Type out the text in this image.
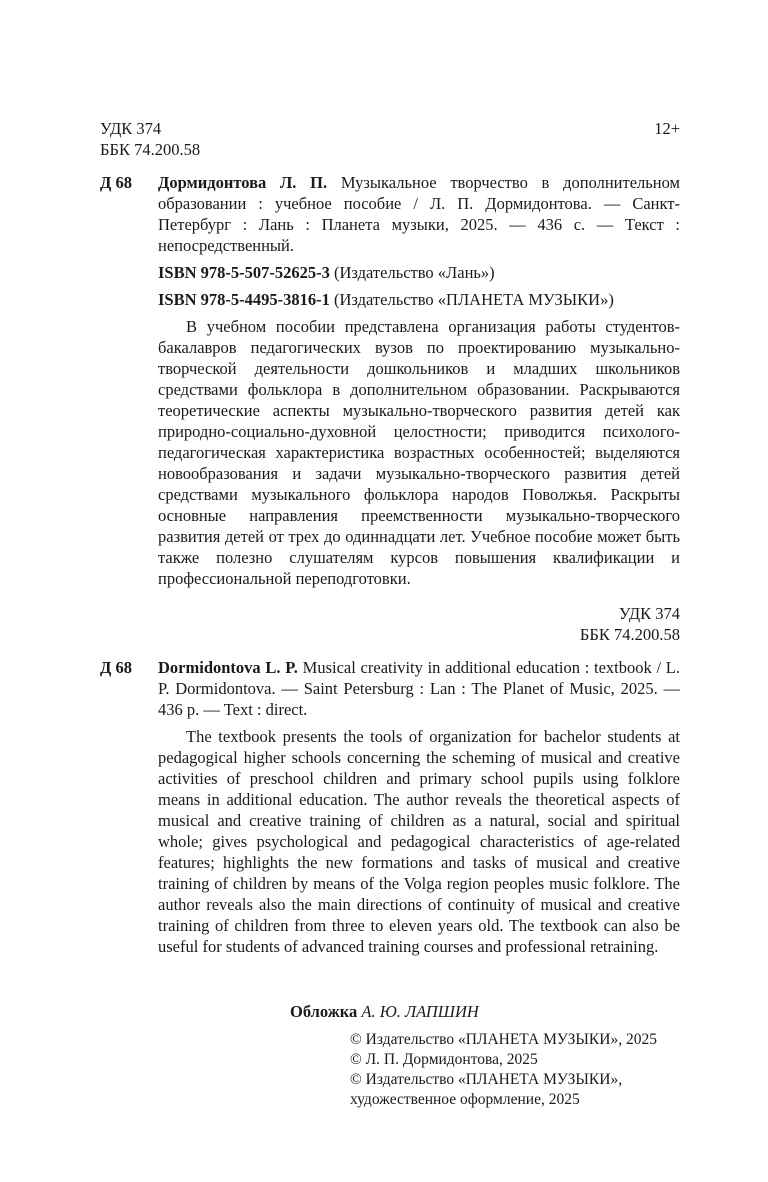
УДК 374
ББК 74.200.58
12+
Д 68	Дормидонтова Л. П. Музыкальное творчество в дополнительном образовании : учебное пособие / Л. П. Дормидонтова. — Санкт-Петербург : Лань : Планета музыки, 2025. — 436 с. — Текст : непосредственный.
ISBN 978-5-507-52625-3 (Издательство «Лань»)
ISBN 978-5-4495-3816-1 (Издательство «ПЛАНЕТА МУЗЫКИ»)
В учебном пособии представлена организация работы студентов-бакалавров педагогических вузов по проектированию музыкально-творческой деятельности дошкольников и младших школьников средствами фольклора в дополнительном образовании. Раскрываются теоретические аспекты музыкально-творческого развития детей как природно-социально-духовной целостности; приводится психолого-педагогическая характеристика возрастных особенностей; выделяются новообразования и задачи музыкально-творческого развития детей средствами музыкального фольклора народов Поволжья. Раскрыты основные направления преемственности музыкально-творческого развития детей от трех до одиннадцати лет. Учебное пособие может быть также полезно слушателям курсов повышения квалификации и профессиональной переподготовки.
УДК 374
ББК 74.200.58
Д 68	Dormidontova L. P. Musical creativity in additional education : textbook / L. P. Dormidontova. — Saint Petersburg : Lan : The Planet of Music, 2025. — 436 p. — Text : direct.
The textbook presents the tools of organization for bachelor students at pedagogical higher schools concerning the scheming of musical and creative activities of preschool children and primary school pupils using folklore means in additional education. The author reveals the theoretical aspects of musical and creative training of children as a natural, social and spiritual whole; gives psychological and pedagogical characteristics of age-related features; highlights the new formations and tasks of musical and creative training of children by means of the Volga region peoples music folklore. The author reveals also the main directions of continuity of musical and creative training of children from three to eleven years old. The textbook can also be useful for students of advanced training courses and professional retraining.
Обложка А. Ю. ЛАПШИН
© Издательство «ПЛАНЕТА МУЗЫКИ», 2025
© Л. П. Дормидонтова, 2025
© Издательство «ПЛАНЕТА МУЗЫКИ»,
художественное оформление, 2025
